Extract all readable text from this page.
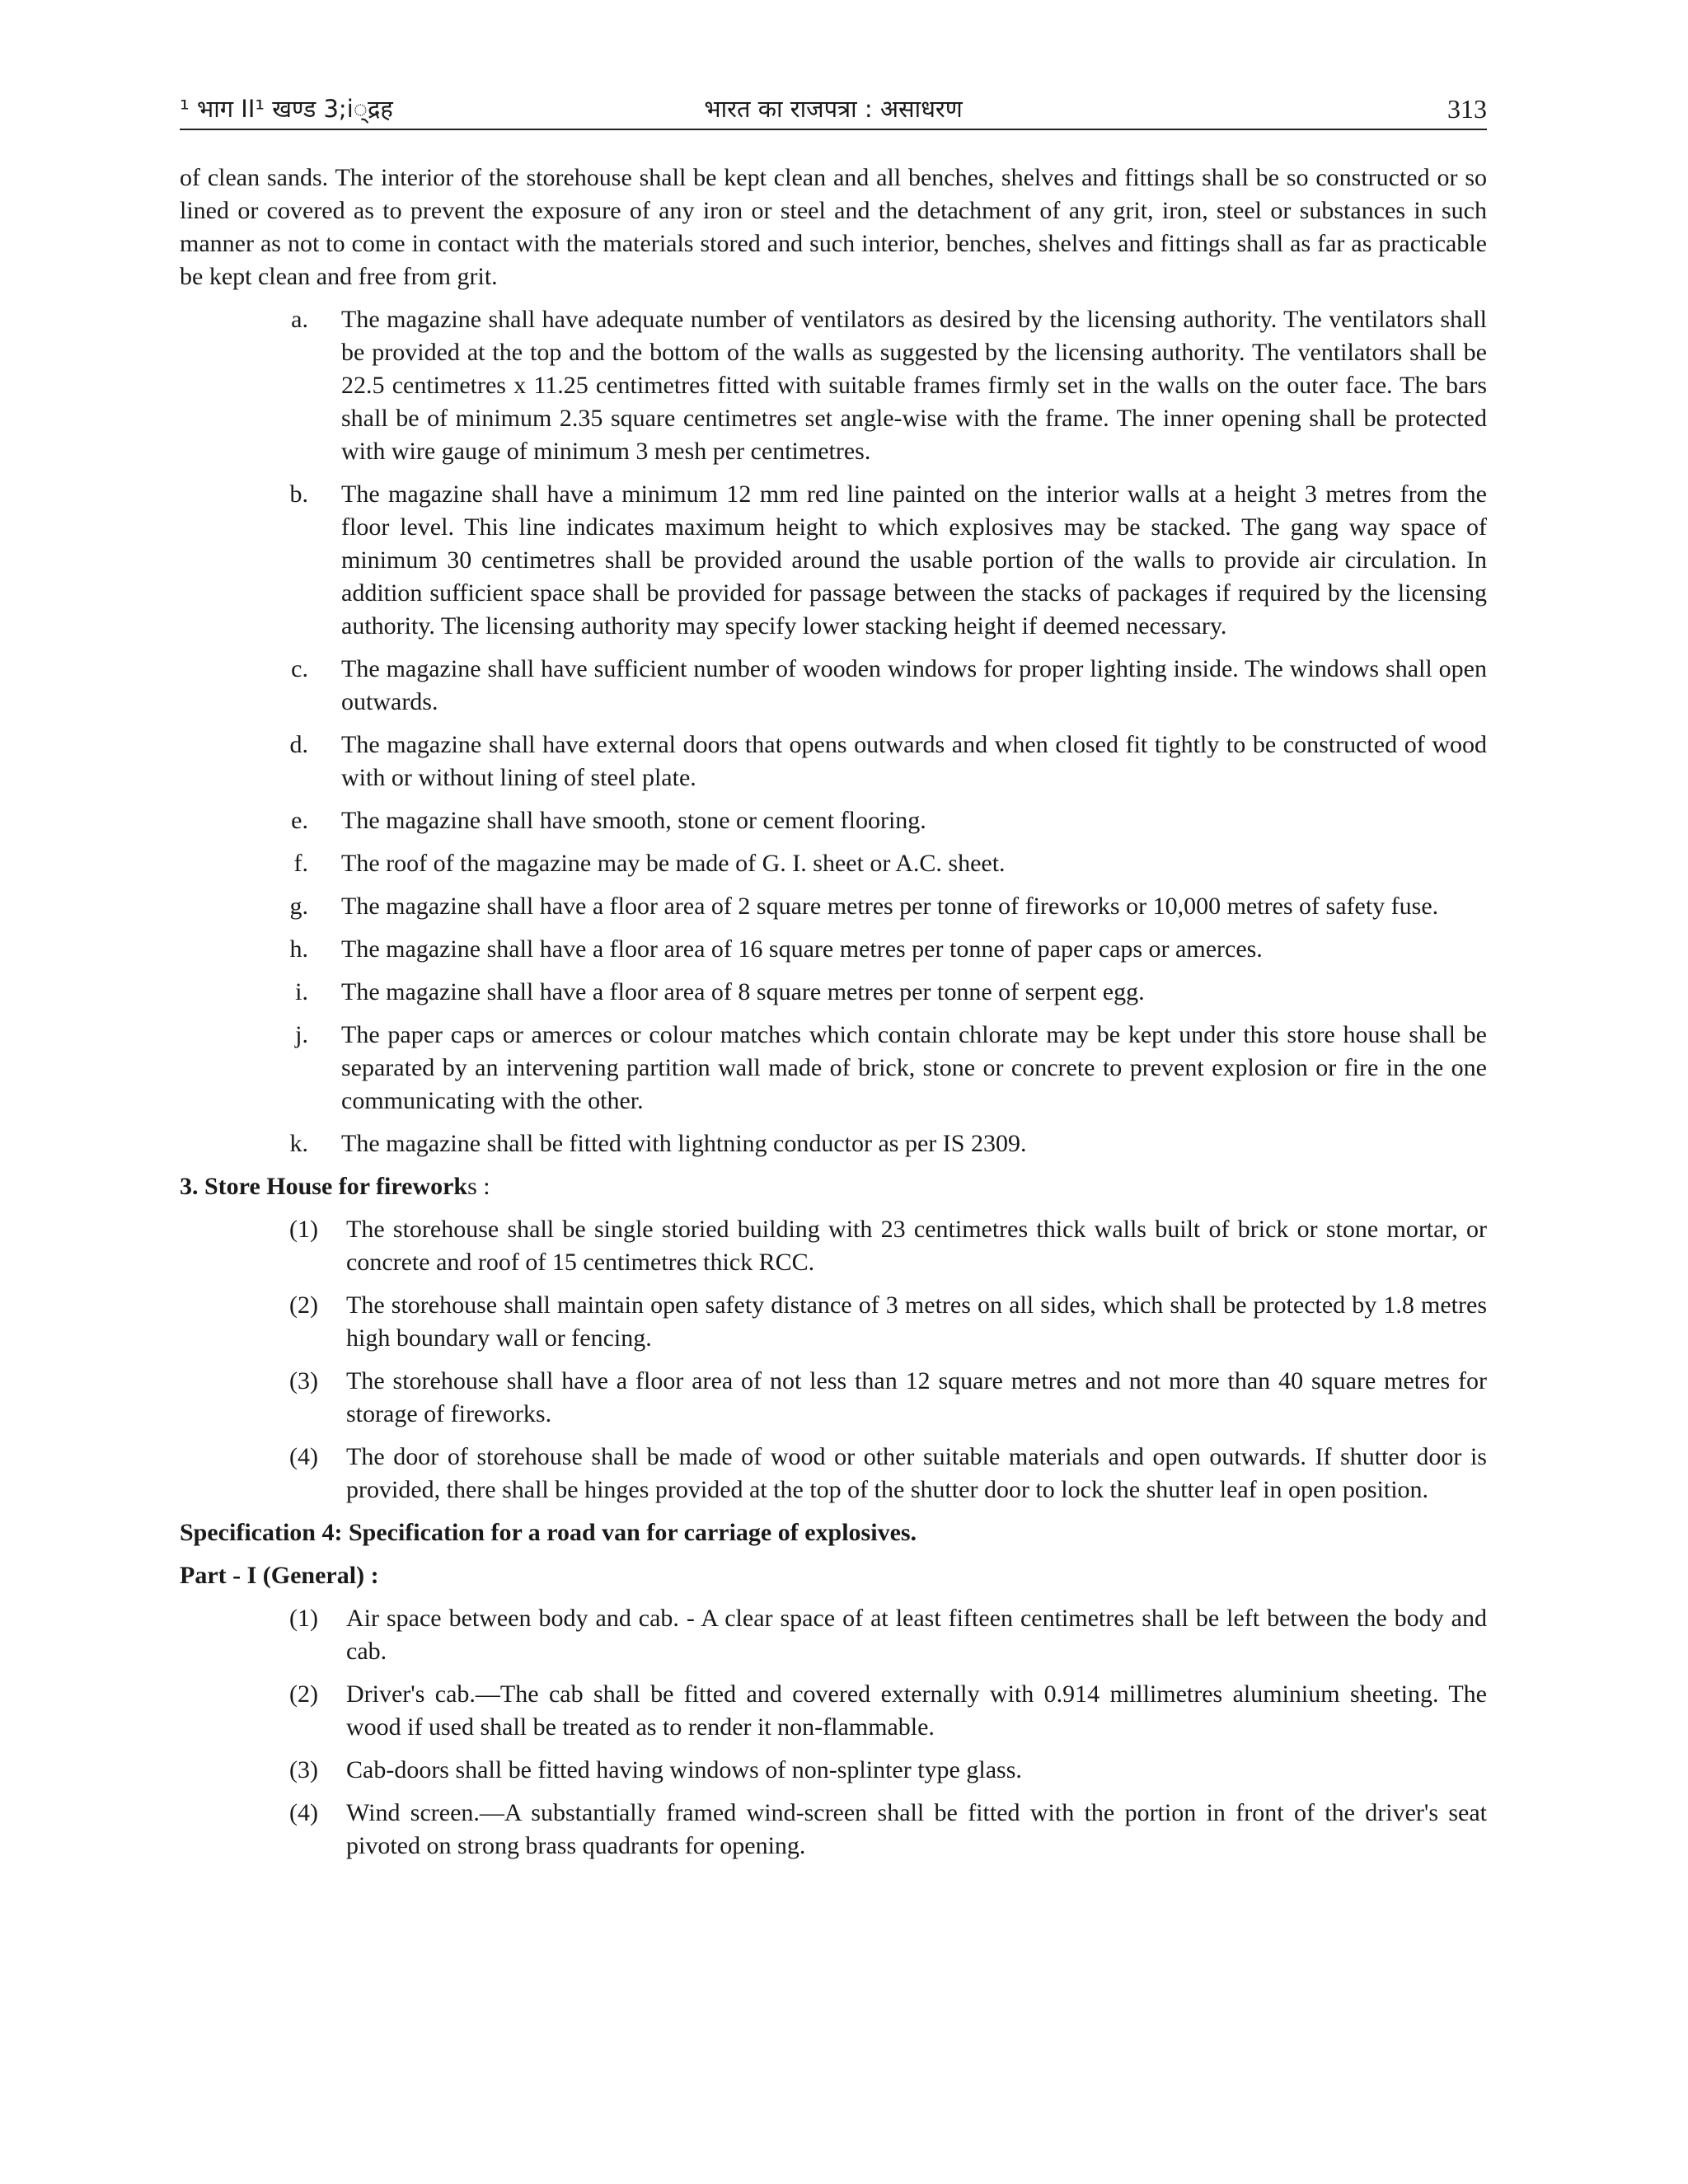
¹ भाग II¹ खण्ड 3;i्द्रह	भारत का राजपत्रा : असाधरण	313

of clean sands. The interior of the storehouse shall be kept clean and all benches, shelves and fittings shall be so constructed or so lined or covered as to prevent the exposure of any iron or steel and the detachment of any grit, iron, steel or substances in such manner as not to come in contact with the materials stored and such interior, benches, shelves and fittings shall as far as practicable be kept clean and free from grit.

a.	The magazine shall have adequate number of ventilators as desired by the licensing authority. The ventilators shall be provided at the top and the bottom of the walls as suggested by the licensing authority. The ventilators shall be 22.5 centimetres x 11.25 centimetres fitted with suitable frames firmly set in the walls on the outer face. The bars shall be of minimum 2.35 square centimetres set angle-wise with the frame. The inner opening shall be protected with wire gauge of minimum 3 mesh per centimetres.
b.	The magazine shall have a minimum 12 mm red line painted on the interior walls at a height 3 metres from the floor level. This line indicates maximum height to which explosives may be stacked. The gang way space of minimum 30 centimetres shall be provided around the usable portion of the walls to provide air circulation. In addition sufficient space shall be provided for passage between the stacks of packages if required by the licensing authority. The licensing authority may specify lower stacking height if deemed necessary.
c.	The magazine shall have sufficient number of wooden windows for proper lighting inside. The windows shall open outwards.
d.	The magazine shall have external doors that opens outwards and when closed fit tightly to be constructed of wood with or without lining of steel plate.
e.	The magazine shall have smooth, stone or cement flooring.
f.	The roof of the magazine may be made of G. I. sheet or A.C. sheet.
g.	The magazine shall have a floor area of 2 square metres per tonne of fireworks or 10,000 metres of safety fuse.
h.	The magazine shall have a floor area of 16 square metres per tonne of paper caps or amerces.
i.	The magazine shall have a floor area of 8 square metres per tonne of serpent egg.
j.	The paper caps or amerces or colour matches which contain chlorate may be kept under this store house shall be separated by an intervening partition wall made of brick, stone or concrete to prevent explosion or fire in the one communicating with the other.
k.	The magazine shall be fitted with lightning conductor as per IS 2309.
3. Store House for fireworks :
(1)	The storehouse shall be single storied building with 23 centimetres thick walls built of brick or stone mortar, or concrete and roof of 15 centimetres thick RCC.
(2)	The storehouse shall maintain open safety distance of 3 metres on all sides, which shall be protected by 1.8 metres high boundary wall or fencing.
(3)	The storehouse shall have a floor area of not less than 12 square metres and not more than 40 square metres for storage of fireworks.
(4)	The door of storehouse shall be made of wood or other suitable materials and open outwards. If shutter door is provided, there shall be hinges provided at the top of the shutter door to lock the shutter leaf in open position.
Specification 4: Specification for a road van for carriage of explosives.
Part - I (General) :
(1)	Air space between body and cab. - A clear space of at least fifteen centimetres shall be left between the body and cab.
(2)	Driver's cab.—The cab shall be fitted and covered externally with 0.914 millimetres aluminium sheeting. The wood if used shall be treated as to render it non-flammable.
(3)	Cab-doors shall be fitted having windows of non-splinter type glass.
(4)	Wind screen.—A substantially framed wind-screen shall be fitted with the portion in front of the driver's seat pivoted on strong brass quadrants for opening.
